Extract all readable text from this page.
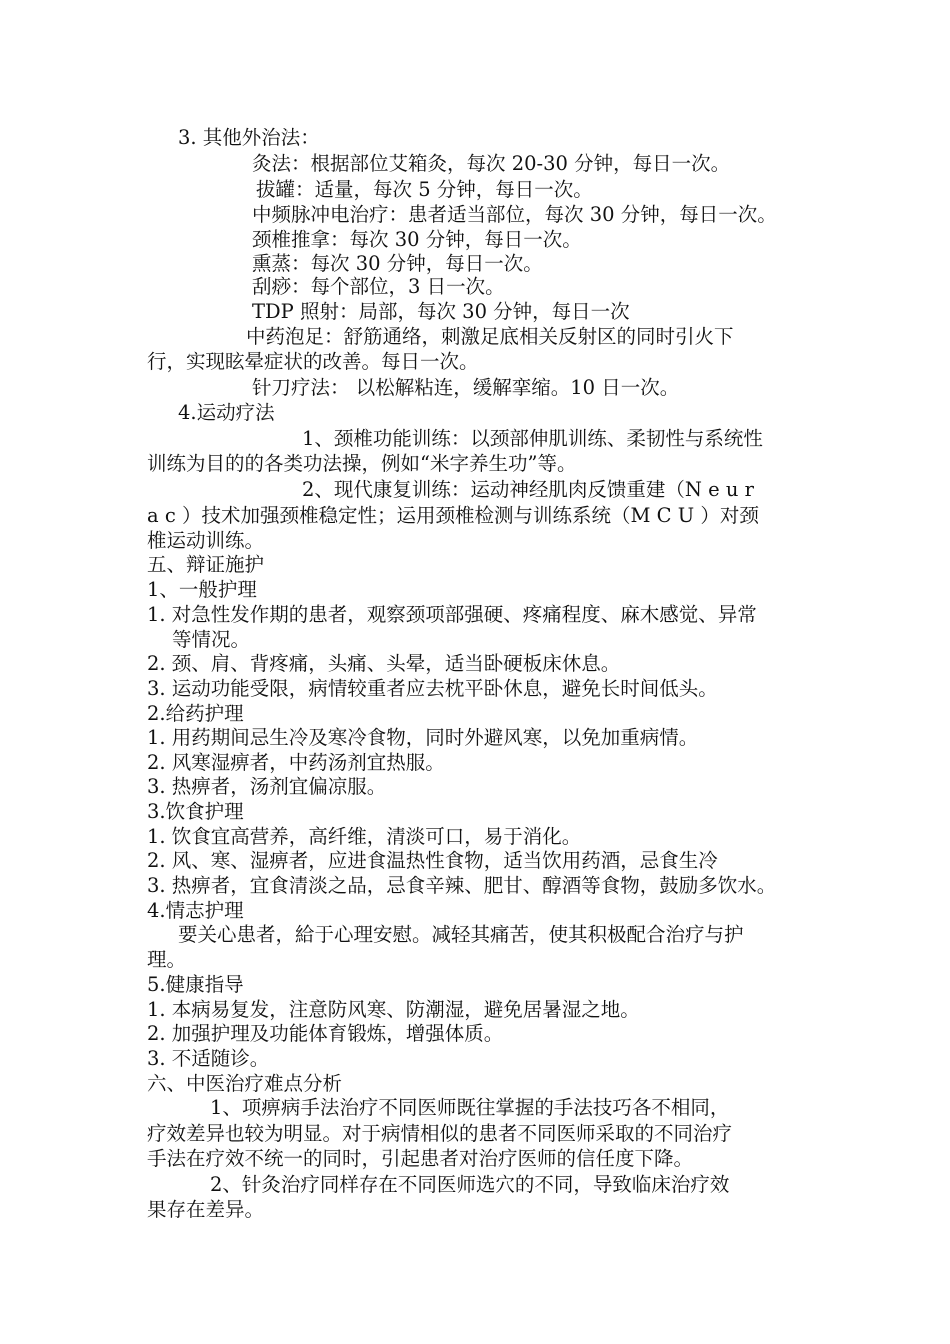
3. 其他外治法：
灸法：根据部位艾箱灸，每次 20-30 分钟，每日一次。
拔罐：适量，每次 5 分钟，每日一次。
中频脉冲电治疗：患者适当部位，每次 30 分钟，每日一次。
颈椎推拿：每次 30 分钟，每日一次。
熏蒸：每次 30 分钟，每日一次。
刮痧：每个部位，3 日一次。
TDP 照射：局部，每次 30 分钟，每日一次
中药泡足：舒筋通络，刺激足底相关反射区的同时引火下
行，实现眩晕症状的改善。每日一次。
针刀疗法： 以松解粘连，缓解挛缩。10 日一次。
4.运动疗法
1、颈椎功能训练：以颈部伸肌训练、柔韧性与系统性
训练为目的的各类功法操，例如“米字养生功”等。
2、现代康复训练：运动神经肌肉反馈重建（N e u r
a c ）技术加强颈椎稳定性；运用颈椎检测与训练系统（M C U ）对颈
椎运动训练。
五、辩证施护
1、一般护理
1. 对急性发作期的患者，观察颈项部强硬、疼痛程度、麻木感觉、异常
等情况。
2. 颈、肩、背疼痛，头痛、头晕，适当卧硬板床休息。
3. 运动功能受限，病情较重者应去枕平卧休息，避免长时间低头。
2.给药护理
1. 用药期间忌生冷及寒冷食物，同时外避风寒，以免加重病情。
2. 风寒湿痹者，中药汤剂宜热服。
3. 热痹者，汤剂宜偏凉服。
3.饮食护理
1. 饮食宜高营养，高纤维，清淡可口，易于消化。
2. 风、寒、湿痹者，应进食温热性食物，适当饮用药酒，忌食生冷
3. 热痹者，宜食清淡之品，忌食辛辣、肥甘、醇酒等食物，鼓励多饮水。
4.情志护理
要关心患者，給于心理安慰。减轻其痛苦，使其积极配合治疗与护
理。
5.健康指导
1. 本病易复发，注意防风寒、防潮湿，避免居暑湿之地。
2. 加强护理及功能体育锻炼，增强体质。
3. 不适随诊。
六、中医治疗难点分析
1、项痹病手法治疗不同医师既往掌握的手法技巧各不相同，
疗效差异也较为明显。对于病情相似的患者不同医师采取的不同治疗
手法在疗效不统一的同时，引起患者对治疗医师的信任度下降。
2、针灸治疗同样存在不同医师选穴的不同，导致临床治疗效
果存在差异。
